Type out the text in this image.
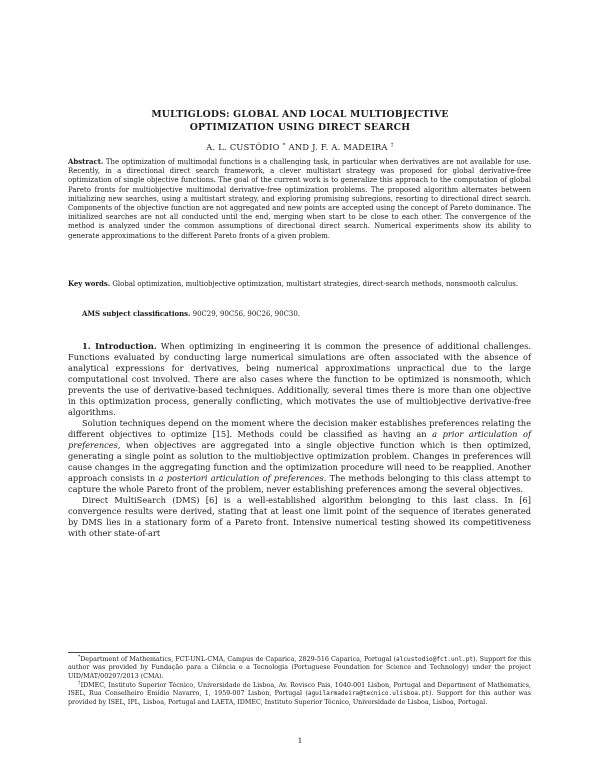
MULTIGLODS: GLOBAL AND LOCAL MULTIOBJECTIVE
OPTIMIZATION USING DIRECT SEARCH
A. L. CUSTÓDIO * AND J. F. A. MADEIRA †
Abstract. The optimization of multimodal functions is a challenging task, in particular when derivatives are not available for use. Recently, in a directional direct search framework, a clever multistart strategy was proposed for global derivative-free optimization of single objective functions. The goal of the current work is to generalize this approach to the computation of global Pareto fronts for multiobjective multimodal derivative-free optimization problems. The proposed algorithm alternates between initializing new searches, using a multistart strategy, and exploring promising subregions, resorting to directional direct search. Components of the objective function are not aggregated and new points are accepted using the concept of Pareto dominance. The initialized searches are not all conducted until the end, merging when start to be close to each other. The convergence of the method is analyzed under the common assumptions of directional direct search. Numerical experiments show its ability to generate approximations to the different Pareto fronts of a given problem.
Key words. Global optimization, multiobjective optimization, multistart strategies, direct-search methods, nonsmooth calculus.
AMS subject classifications. 90C29, 90C56, 90C26, 90C30.

1. Introduction. When optimizing in engineering it is common the presence of additional challenges. Functions evaluated by conducting large numerical simulations are often associated with the absence of analytical expressions for derivatives, being numerical approximations unpractical due to the large computational cost involved. There are also cases where the function to be optimized is nonsmooth, which prevents the use of derivative-based techniques. Additionally, several times there is more than one objective in this optimization process, generally conflicting, which motivates the use of multiobjective derivative-free algorithms.

Solution techniques depend on the moment where the decision maker establishes preferences relating the different objectives to optimize [15]. Methods could be classified as having an a prior articulation of preferences, when objectives are aggregated into a single objective function which is then optimized, generating a single point as solution to the multiobjective optimization problem. Changes in preferences will cause changes in the aggregating function and the optimization procedure will need to be reapplied. Another approach consists in a posteriori articulation of preferences. The methods belonging to this class attempt to capture the whole Pareto front of the problem, never establishing preferences among the several objectives.

Direct MultiSearch (DMS) [6] is a well-established algorithm belonging to this last class. In [6] convergence results were derived, stating that at least one limit point of the sequence of iterates generated by DMS lies in a stationary form of a Pareto front. Intensive numerical testing showed its competitiveness with other state-of-art

*Department of Mathematics, FCT-UNL-CMA, Campus de Caparica, 2829-516 Caparica, Portugal (alcustodio@fct.unl.pt). Support for this author was provided by Fundação para a Ciência e a Tecnologia (Portuguese Foundation for Science and Technology) under the project UID/MAT/00297/2013 (CMA).

†IDMEC, Instituto Superior Técnico, Universidade de Lisboa, Av. Rovisco Pais, 1040-001 Lisbon, Portugal and Department of Mathematics, ISEL, Rua Conselheiro Emídio Navarro, 1, 1959-007 Lisbon, Portugal (aguilarmadeira@tecnico.ulisboa.pt). Support for this author was provided by ISEL, IPL, Lisboa, Portugal and LAETA, IDMEC, Instituto Superior Técnico, Universidade de Lisboa, Lisboa, Portugal.

1
